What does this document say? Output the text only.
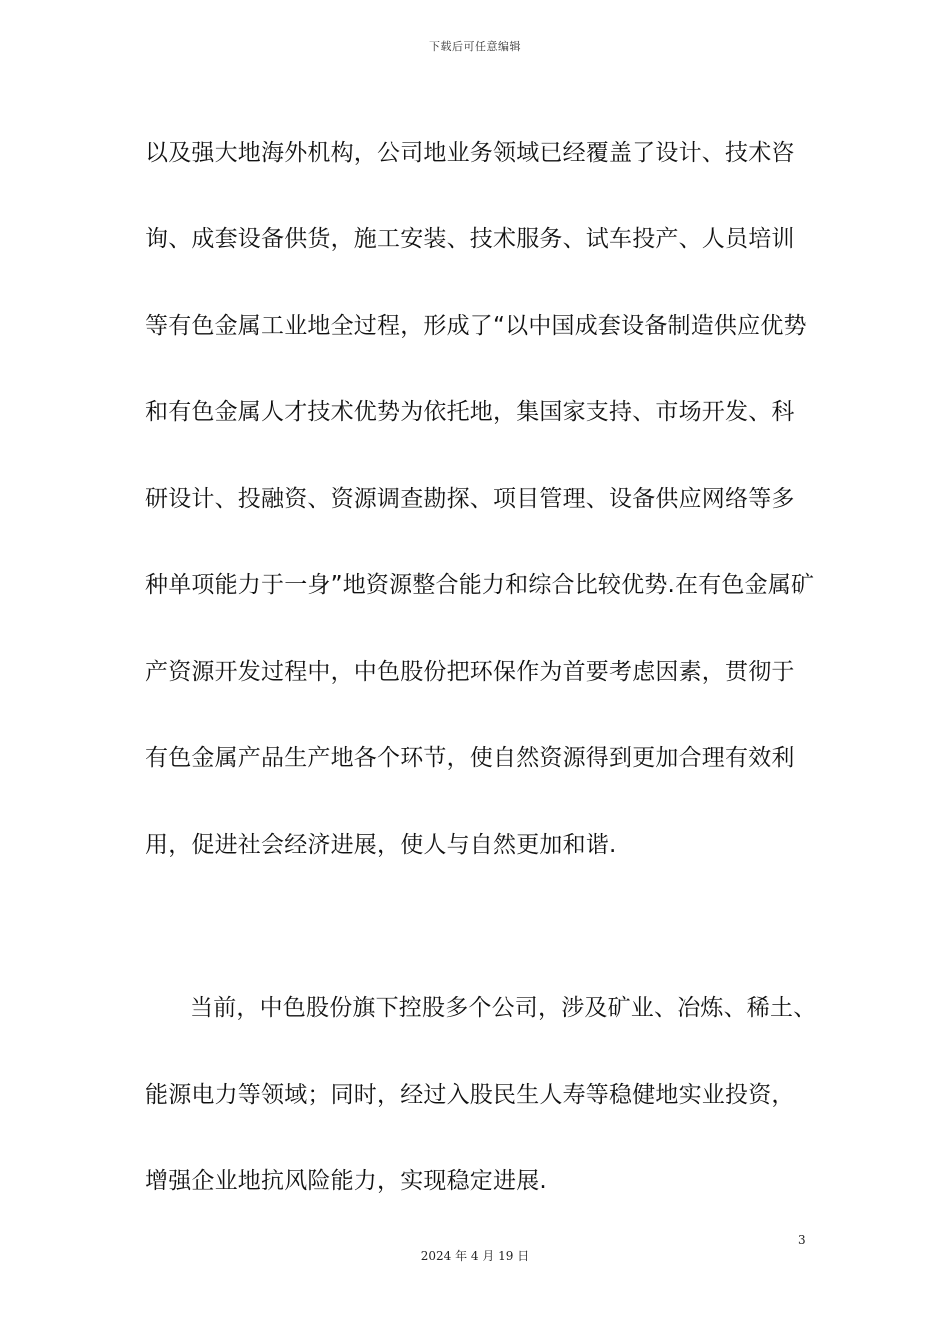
下载后可任意编辑
以及强大地海外机构，公司地业务领域已经覆盖了设计、技术咨
询、成套设备供货，施工安装、技术服务、试车投产、人员培训
等有色金属工业地全过程，形成了“以中国成套设备制造供应优势
和有色金属人才技术优势为依托地，集国家支持、市场开发、科
研设计、投融资、资源调查勘探、项目管理、设备供应网络等多
种单项能力于一身”地资源整合能力和综合比较优势.在有色金属矿
产资源开发过程中，中色股份把环保作为首要考虑因素，贯彻于
有色金属产品生产地各个环节，使自然资源得到更加合理有效利
用，促进社会经济进展，使人与自然更加和谐.
当前，中色股份旗下控股多个公司，涉及矿业、冶炼、稀土、
能源电力等领域；同时，经过入股民生人寿等稳健地实业投资，
增强企业地抗风险能力，实现稳定进展.
3
2024 年 4 月 19 日
